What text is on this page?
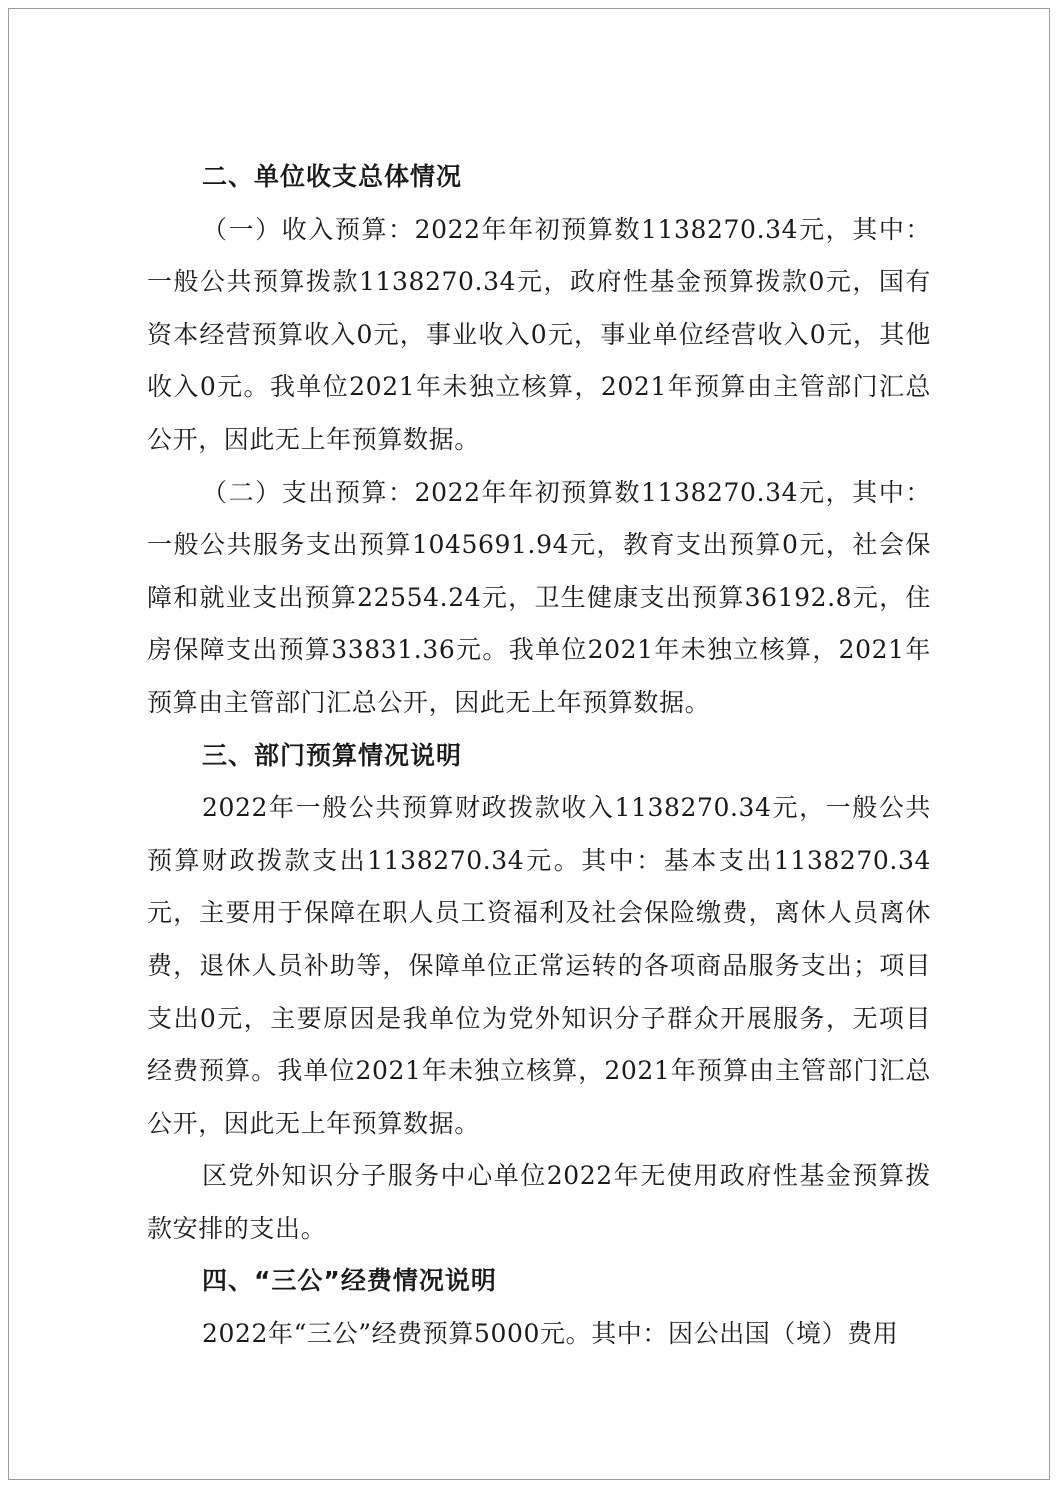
二、单位收支总体情况

（一）收入预算：2022年年初预算数1138270.34元，其中：一般公共预算拨款1138270.34元，政府性基金预算拨款0元，国有资本经营预算收入0元，事业收入0元，事业单位经营收入0元，其他收入0元。我单位2021年未独立核算，2021年预算由主管部门汇总公开，因此无上年预算数据。

（二）支出预算：2022年年初预算数1138270.34元，其中：一般公共服务支出预算1045691.94元，教育支出预算0元，社会保障和就业支出预算22554.24元，卫生健康支出预算36192.8元，住房保障支出预算33831.36元。我单位2021年未独立核算，2021年预算由主管部门汇总公开，因此无上年预算数据。

三、部门预算情况说明

2022年一般公共预算财政拨款收入1138270.34元，一般公共预算财政拨款支出1138270.34元。其中：基本支出1138270.34元，主要用于保障在职人员工资福利及社会保险缴费，离休人员离休费，退休人员补助等，保障单位正常运转的各项商品服务支出；项目支出0元，主要原因是我单位为党外知识分子群众开展服务，无项目经费预算。我单位2021年未独立核算，2021年预算由主管部门汇总公开，因此无上年预算数据。

区党外知识分子服务中心单位2022年无使用政府性基金预算拨款安排的支出。

四、“三公”经费情况说明

2022年“三公”经费预算5000元。其中：因公出国（境）费用
